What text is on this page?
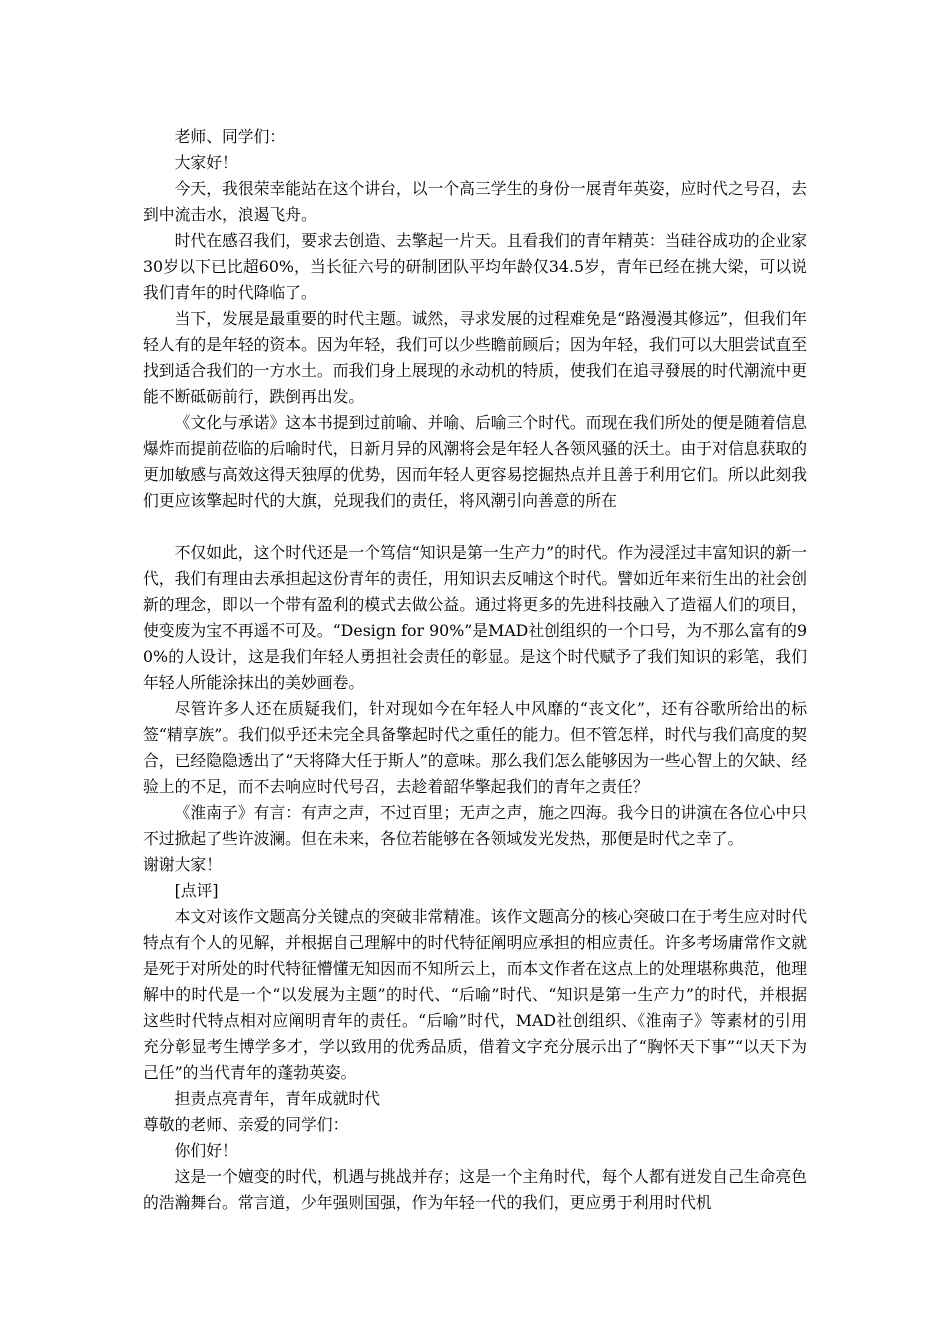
老师、同学们：

大家好！

今天，我很荣幸能站在这个讲台，以一个高三学生的身份一展青年英姿，应时代之号召，去到中流击水，浪遏飞舟。

时代在感召我们，要求去创造、去擎起一片天。且看我们的青年精英：当硅谷成功的企业家30岁以下已比超60%，当长征六号的研制团队平均年龄仅34.5岁，青年已经在挑大梁，可以说我们青年的时代降临了。

当下，发展是最重要的时代主题。诚然，寻求发展的过程难免是“路漫漫其修远”，但我们年轻人有的是年轻的资本。因为年轻，我们可以少些瞻前顾后；因为年轻，我们可以大胆尝试直至找到适合我们的一方水土。而我们身上展现的永动机的特质，使我们在追寻發展的时代潮流中更能不断砥砺前行，跌倒再出发。

《文化与承诺》这本书提到过前喻、并喻、后喻三个时代。而现在我们所处的便是随着信息爆炸而提前莅临的后喻时代，日新月异的风潮将会是年轻人各领风骚的沃土。由于对信息获取的更加敏感与高效这得天独厚的优势，因而年轻人更容易挖掘热点并且善于利用它们。所以此刻我们更应该擎起时代的大旗，兑现我们的责任，将风潮引向善意的所在

不仅如此，这个时代还是一个笃信“知识是第一生产力”的时代。作为浸淫过丰富知识的新一代，我们有理由去承担起这份青年的责任，用知识去反哺这个时代。譬如近年来衍生出的社会创新的理念，即以一个带有盈利的模式去做公益。通过将更多的先进科技融入了造福人们的项目，使变废为宝不再遥不可及。“Design for 90%”是MAD社创组织的一个口号，为不那么富有的90%的人设计，这是我们年轻人勇担社会责任的彰显。是这个时代赋予了我们知识的彩笔，我们年轻人所能涂抹出的美妙画卷。

尽管许多人还在质疑我们，针对现如今在年轻人中风靡的“丧文化”，还有谷歌所给出的标签“精享族”。我们似乎还未完全具备擎起时代之重任的能力。但不管怎样，时代与我们高度的契合，已经隐隐透出了“天将降大任于斯人”的意味。那么我们怎么能够因为一些心智上的欠缺、经验上的不足，而不去响应时代号召，去趁着韶华擎起我们的青年之责任？

《淮南子》有言：有声之声，不过百里；无声之声，施之四海。我今日的讲演在各位心中只不过掀起了些许波澜。但在未来，各位若能够在各领域发光发热，那便是时代之幸了。

谢谢大家！

[点评]

本文对该作文题高分关键点的突破非常精准。该作文题高分的核心突破口在于考生应对时代特点有个人的见解，并根据自己理解中的时代特征阐明应承担的相应责任。许多考场庸常作文就是死于对所处的时代特征懵懂无知因而不知所云上，而本文作者在这点上的处理堪称典范，他理解中的时代是一个“以发展为主题”的时代、“后喻”时代、“知识是第一生产力”的时代，并根据这些时代特点相对应阐明青年的责任。“后喻”时代，MAD社创组织、《淮南子》等素材的引用充分彰显考生博学多才，学以致用的优秀品质，借着文字充分展示出了“胸怀天下事”“以天下为己任”的当代青年的蓬勃英姿。

担责点亮青年，青年成就时代

尊敬的老师、亲爱的同学们：

你们好！

这是一个嬗变的时代，机遇与挑战并存；这是一个主角时代，每个人都有迸发自己生命亮色的浩瀚舞台。常言道，少年强则国强，作为年轻一代的我们，更应勇于利用时代机
